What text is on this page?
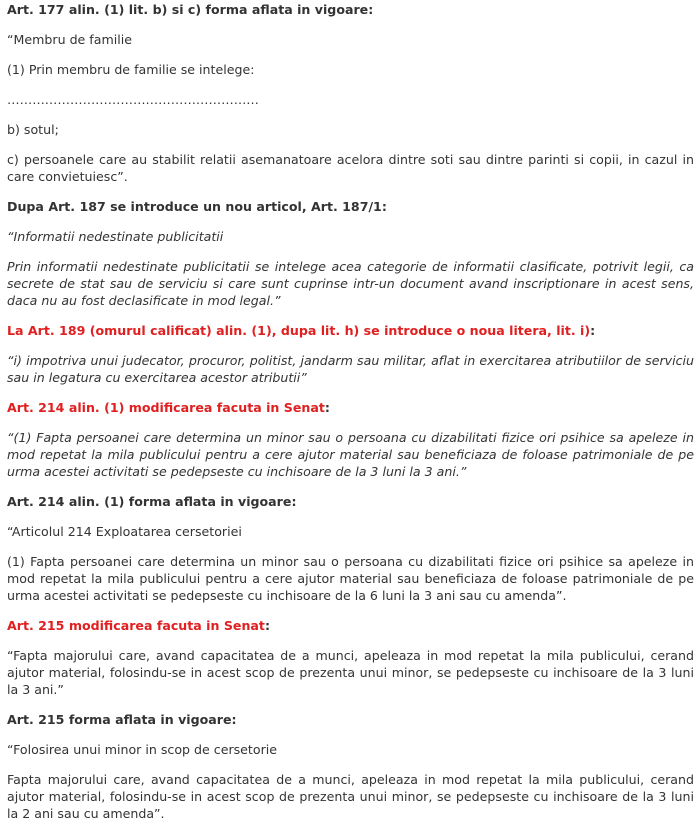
Art. 177 alin. (1) lit. b) si c) forma aflata in vigoare:

“Membru de familie

(1) Prin membru de familie se intelege:

……………………………………………………

b) sotul;

c) persoanele care au stabilit relatii asemanatoare acelora dintre soti sau dintre parinti si copii, in cazul in care convietuiesc”.

Dupa Art. 187 se introduce un nou articol, Art. 187/1:

“Informatii nedestinate publicitatii

Prin informatii nedestinate publicitatii se intelege acea categorie de informatii clasificate, potrivit legii, ca secrete de stat sau de serviciu si care sunt cuprinse intr-un document avand inscriptionare in acest sens, daca nu au fost declasificate in mod legal.”

La Art. 189 (omurul calificat) alin. (1), dupa lit. h) se introduce o noua litera, lit. i):

“i) impotriva unui judecator, procuror, politist, jandarm sau militar, aflat in exercitarea atributiilor de serviciu sau in legatura cu exercitarea acestor atributii”

Art. 214 alin. (1) modificarea facuta in Senat:

“(1) Fapta persoanei care determina un minor sau o persoana cu dizabilitati fizice ori psihice sa apeleze in mod repetat la mila publicului pentru a cere ajutor material sau beneficiaza de foloase patrimoniale de pe urma acestei activitati se pedepseste cu inchisoare de la 3 luni la 3 ani.”

Art. 214 alin. (1) forma aflata in vigoare:

“Articolul 214 Exploatarea cersetoriei

(1) Fapta persoanei care determina un minor sau o persoana cu dizabilitati fizice ori psihice sa apeleze in mod repetat la mila publicului pentru a cere ajutor material sau beneficiaza de foloase patrimoniale de pe urma acestei activitati se pedepseste cu inchisoare de la 6 luni la 3 ani sau cu amenda”.

Art. 215 modificarea facuta in Senat:

“Fapta majorului care, avand capacitatea de a munci, apeleaza in mod repetat la mila publicului, cerand ajutor material, folosindu-se in acest scop de prezenta unui minor, se pedepseste cu inchisoare de la 3 luni la 3 ani.”

Art. 215 forma aflata in vigoare:

“Folosirea unui minor in scop de cersetorie

Fapta majorului care, avand capacitatea de a munci, apeleaza in mod repetat la mila publicului, cerand ajutor material, folosindu-se in acest scop de prezenta unui minor, se pedepseste cu inchisoare de la 3 luni la 2 ani sau cu amenda”.
